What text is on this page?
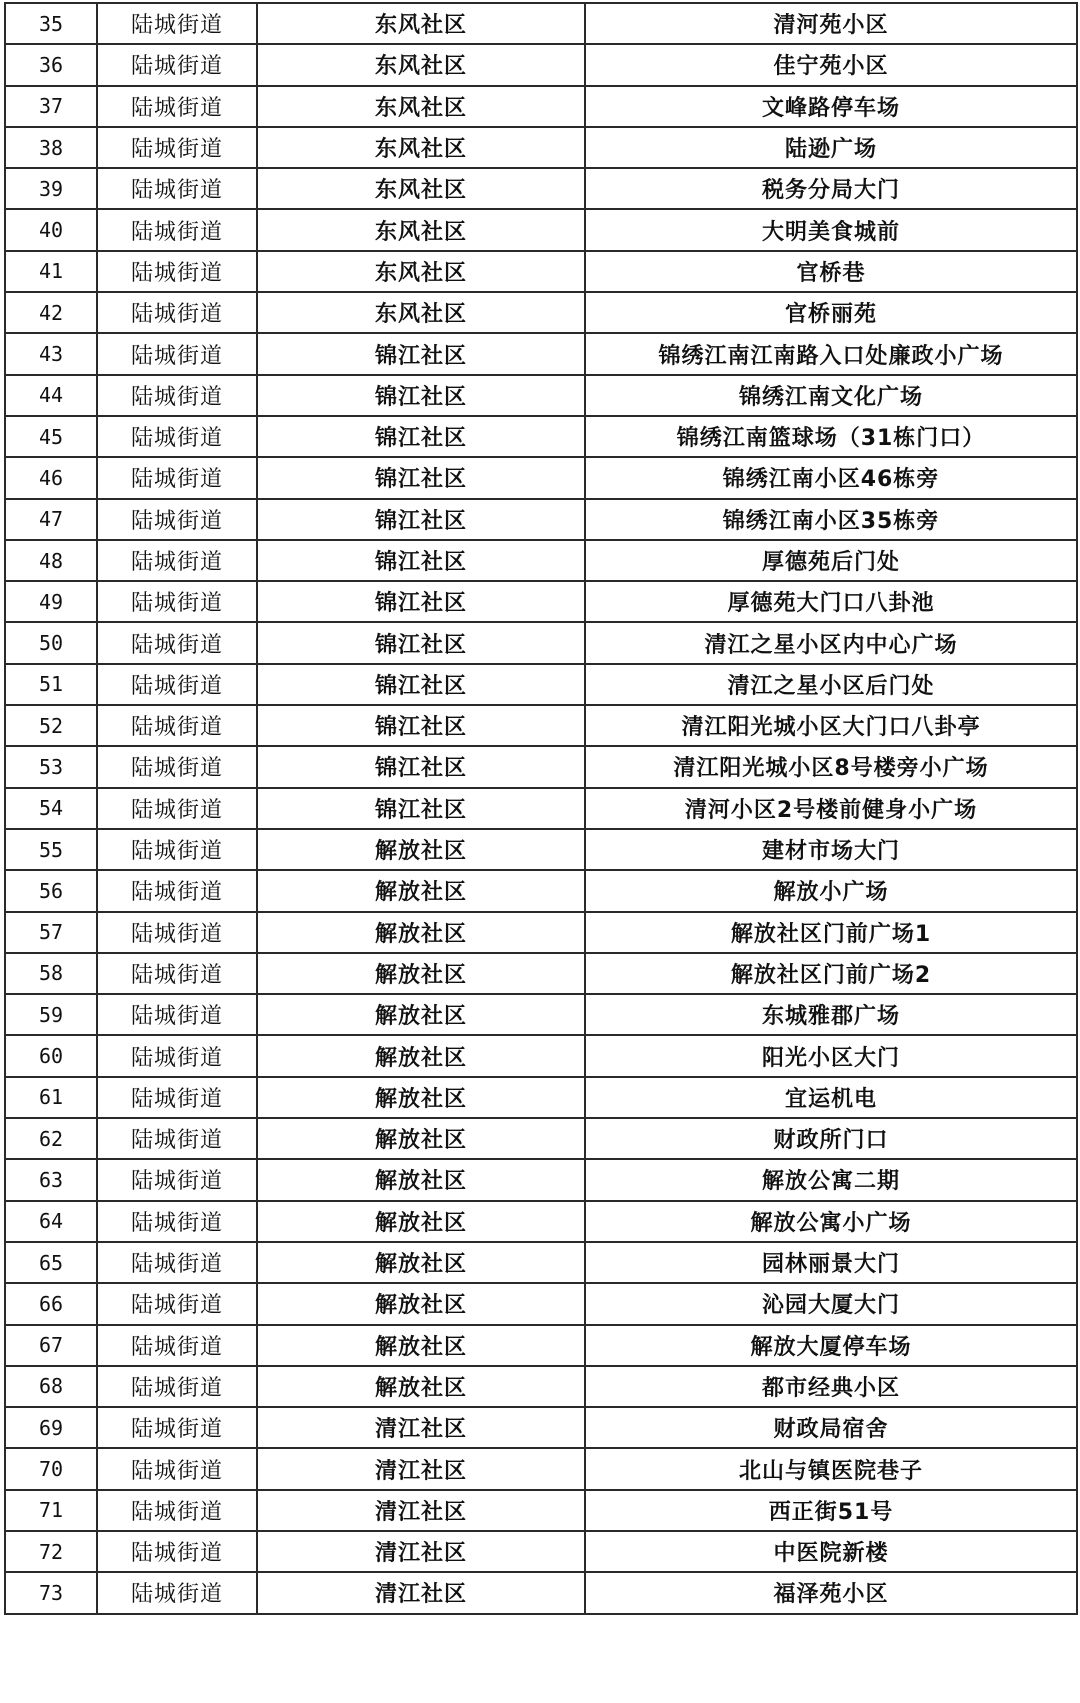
35	陆城街道	东风社区	清河苑小区
36	陆城街道	东风社区	佳宁苑小区
37	陆城街道	东风社区	文峰路停车场
38	陆城街道	东风社区	陆逊广场
39	陆城街道	东风社区	税务分局大门
40	陆城街道	东风社区	大明美食城前
41	陆城街道	东风社区	官桥巷
42	陆城街道	东风社区	官桥丽苑
43	陆城街道	锦江社区	锦绣江南江南路入口处廉政小广场
44	陆城街道	锦江社区	锦绣江南文化广场
45	陆城街道	锦江社区	锦绣江南篮球场（31栋门口）
46	陆城街道	锦江社区	锦绣江南小区46栋旁
47	陆城街道	锦江社区	锦绣江南小区35栋旁
48	陆城街道	锦江社区	厚德苑后门处
49	陆城街道	锦江社区	厚德苑大门口八卦池
50	陆城街道	锦江社区	清江之星小区内中心广场
51	陆城街道	锦江社区	清江之星小区后门处
52	陆城街道	锦江社区	清江阳光城小区大门口八卦亭
53	陆城街道	锦江社区	清江阳光城小区8号楼旁小广场
54	陆城街道	锦江社区	清河小区2号楼前健身小广场
55	陆城街道	解放社区	建材市场大门
56	陆城街道	解放社区	解放小广场
57	陆城街道	解放社区	解放社区门前广场1
58	陆城街道	解放社区	解放社区门前广场2
59	陆城街道	解放社区	东城雅郡广场
60	陆城街道	解放社区	阳光小区大门
61	陆城街道	解放社区	宜运机电
62	陆城街道	解放社区	财政所门口
63	陆城街道	解放社区	解放公寓二期
64	陆城街道	解放社区	解放公寓小广场
65	陆城街道	解放社区	园林丽景大门
66	陆城街道	解放社区	沁园大厦大门
67	陆城街道	解放社区	解放大厦停车场
68	陆城街道	解放社区	都市经典小区
69	陆城街道	清江社区	财政局宿舍
70	陆城街道	清江社区	北山与镇医院巷子
71	陆城街道	清江社区	西正街51号
72	陆城街道	清江社区	中医院新楼
73	陆城街道	清江社区	福泽苑小区
